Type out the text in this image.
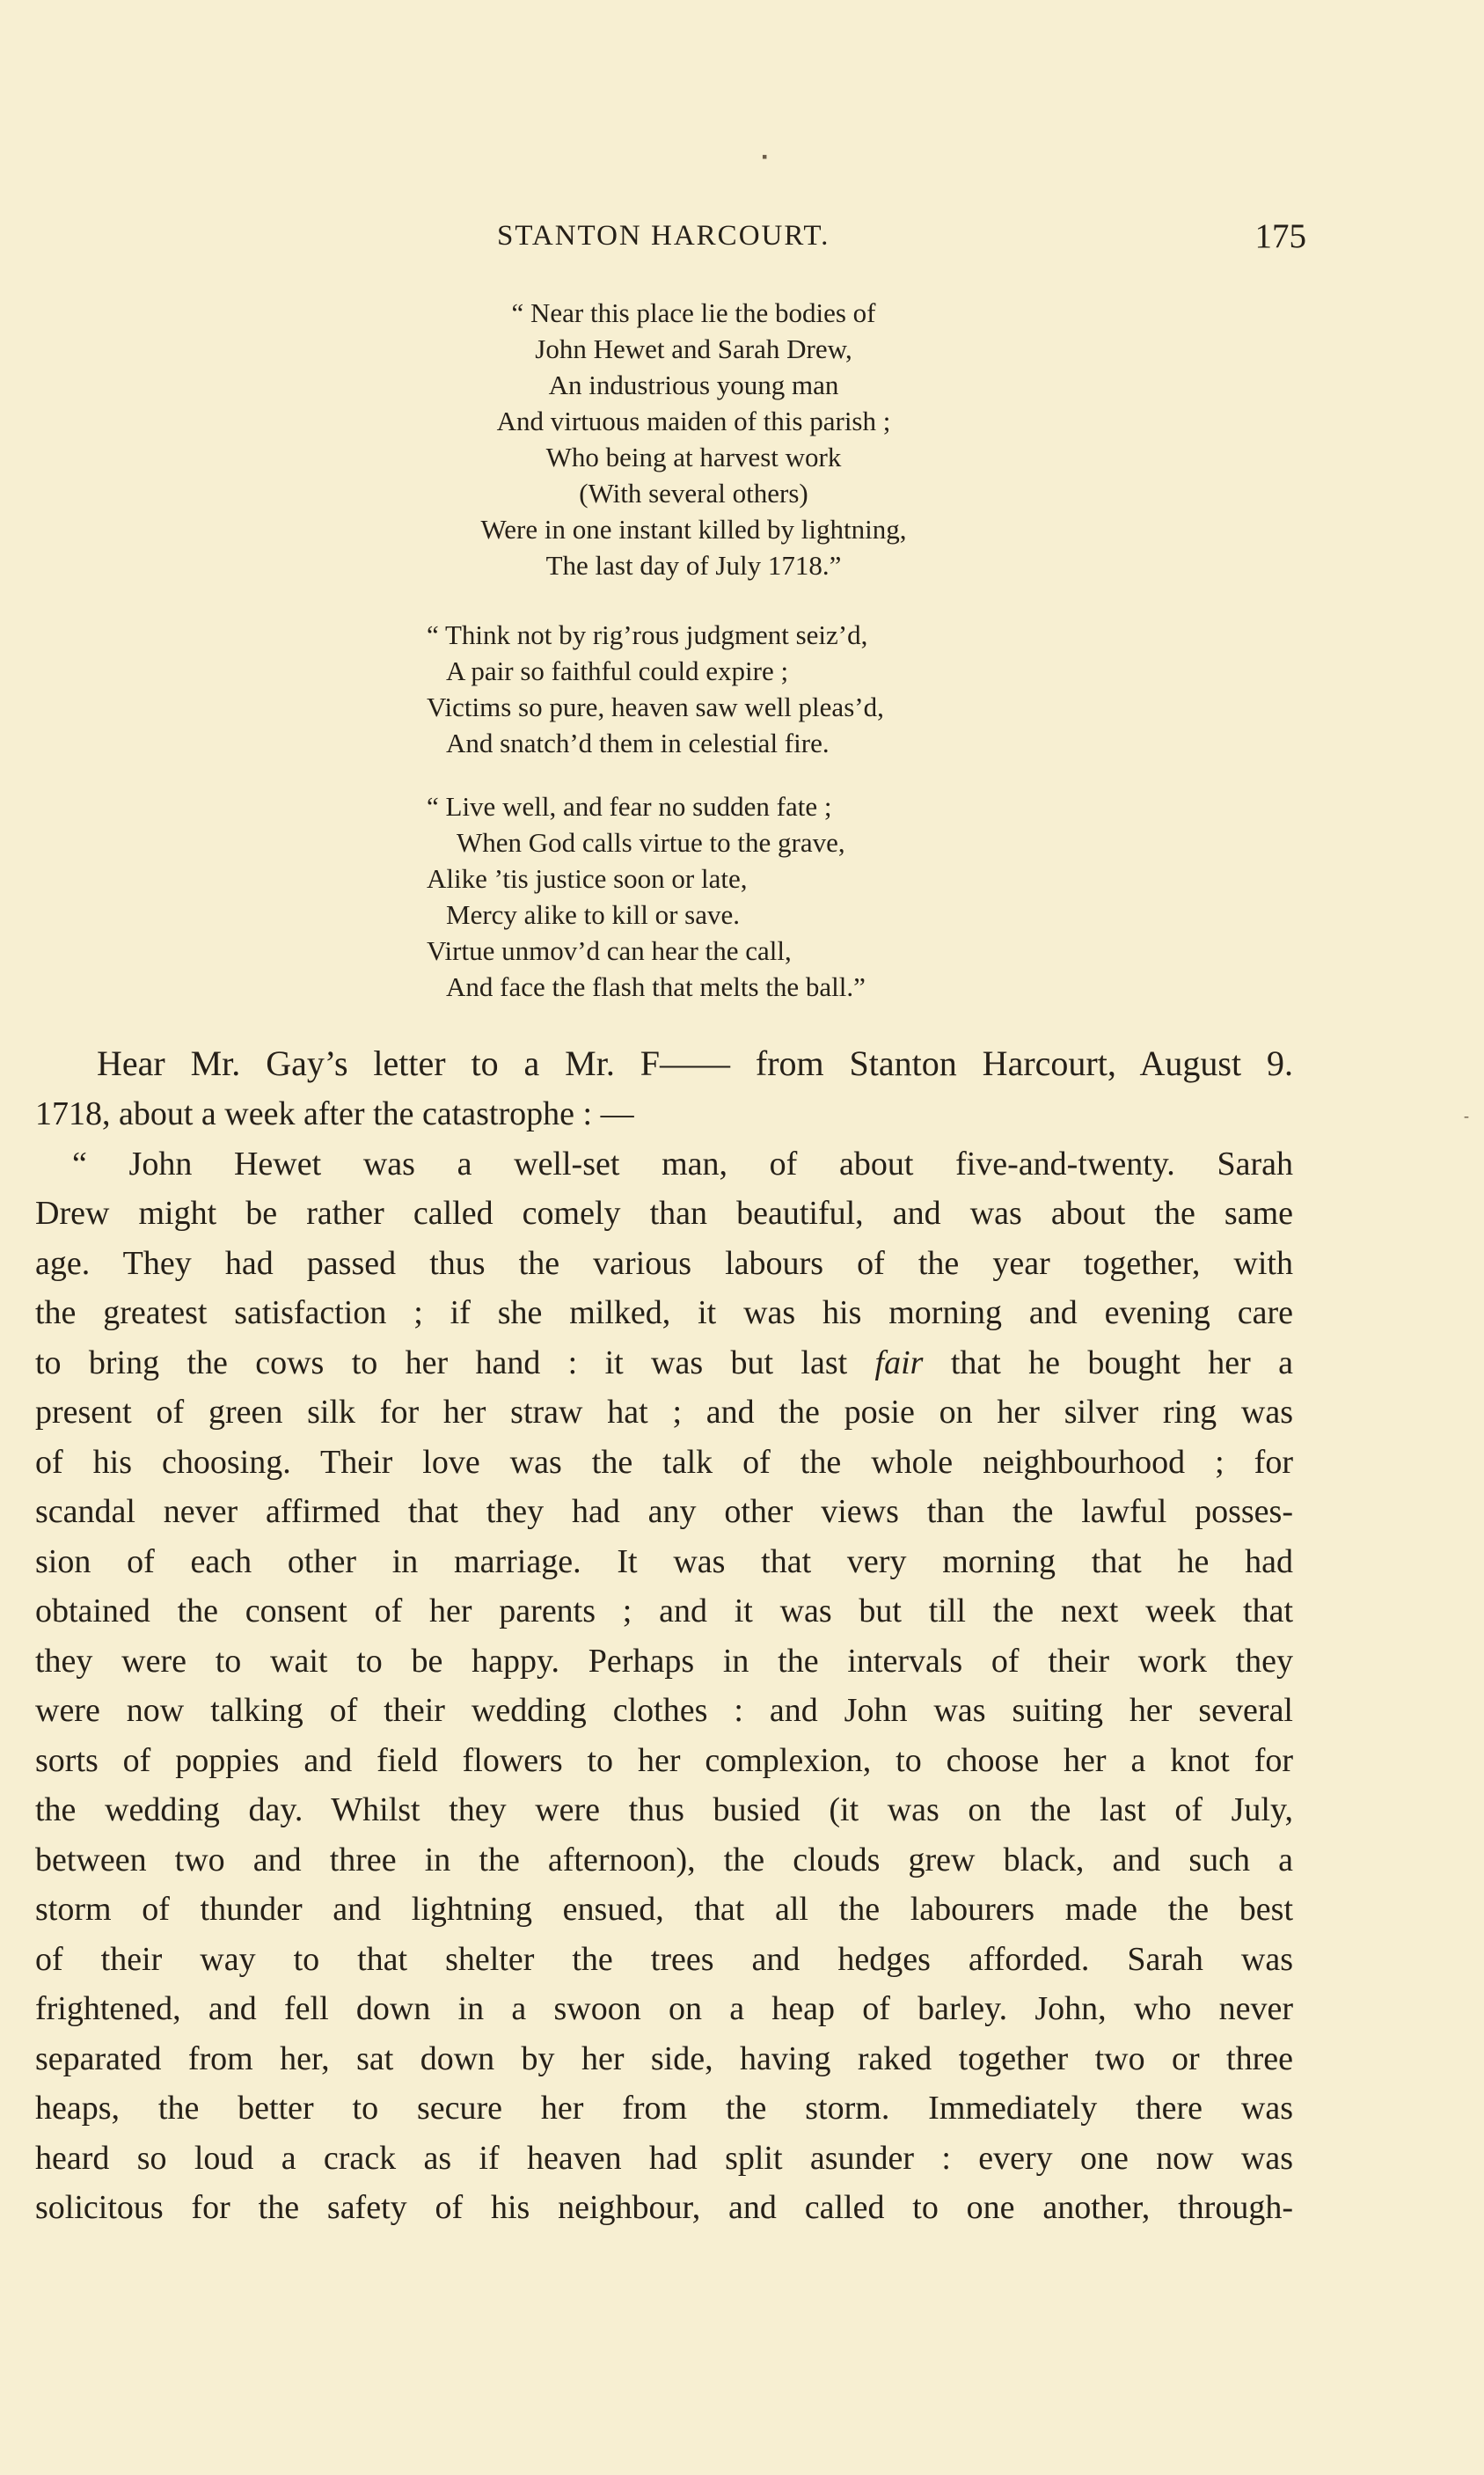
▪
-
STANTON HARCOURT.	175
“ Near this place lie the bodies of
John Hewet and Sarah Drew,
An industrious young man
And virtuous maiden of this parish ;
Who being at harvest work
(With several others)
Were in one instant killed by lightning,
The last day of July 1718.”
“ Think not by rig’rous judgment seiz’d,
A pair so faithful could expire ;
Victims so pure, heaven saw well pleas’d,
And snatch’d them in celestial fire.
“ Live well, and fear no sudden fate ;
When God calls virtue to the grave,
Alike ’tis justice soon or late,
Mercy alike to kill or save.
Virtue unmov’d can hear the call,
And face the flash that melts the ball.”
Hear Mr. Gay’s letter to a Mr. F—— from Stanton Harcourt, August 9.
1718, about a week after the catastrophe : —
“ John Hewet was a well-set man, of about five-and-twenty. Sarah
Drew might be rather called comely than beautiful, and was about the same
age. They had passed thus the various labours of the year together, with
the greatest satisfaction ; if she milked, it was his morning and evening care
to bring the cows to her hand : it was but last fair that he bought her a
present of green silk for her straw hat ; and the posie on her silver ring was
of his choosing. Their love was the talk of the whole neighbourhood ; for
scandal never affirmed that they had any other views than the lawful posses-
sion of each other in marriage. It was that very morning that he had
obtained the consent of her parents ; and it was but till the next week that
they were to wait to be happy. Perhaps in the intervals of their work they
were now talking of their wedding clothes : and John was suiting her several
sorts of poppies and field flowers to her complexion, to choose her a knot for
the wedding day. Whilst they were thus busied (it was on the last of July,
between two and three in the afternoon), the clouds grew black, and such a
storm of thunder and lightning ensued, that all the labourers made the best
of their way to that shelter the trees and hedges afforded. Sarah was
frightened, and fell down in a swoon on a heap of barley. John, who never
separated from her, sat down by her side, having raked together two or three
heaps, the better to secure her from the storm. Immediately there was
heard so loud a crack as if heaven had split asunder : every one now was
solicitous for the safety of his neighbour, and called to one another, through-
